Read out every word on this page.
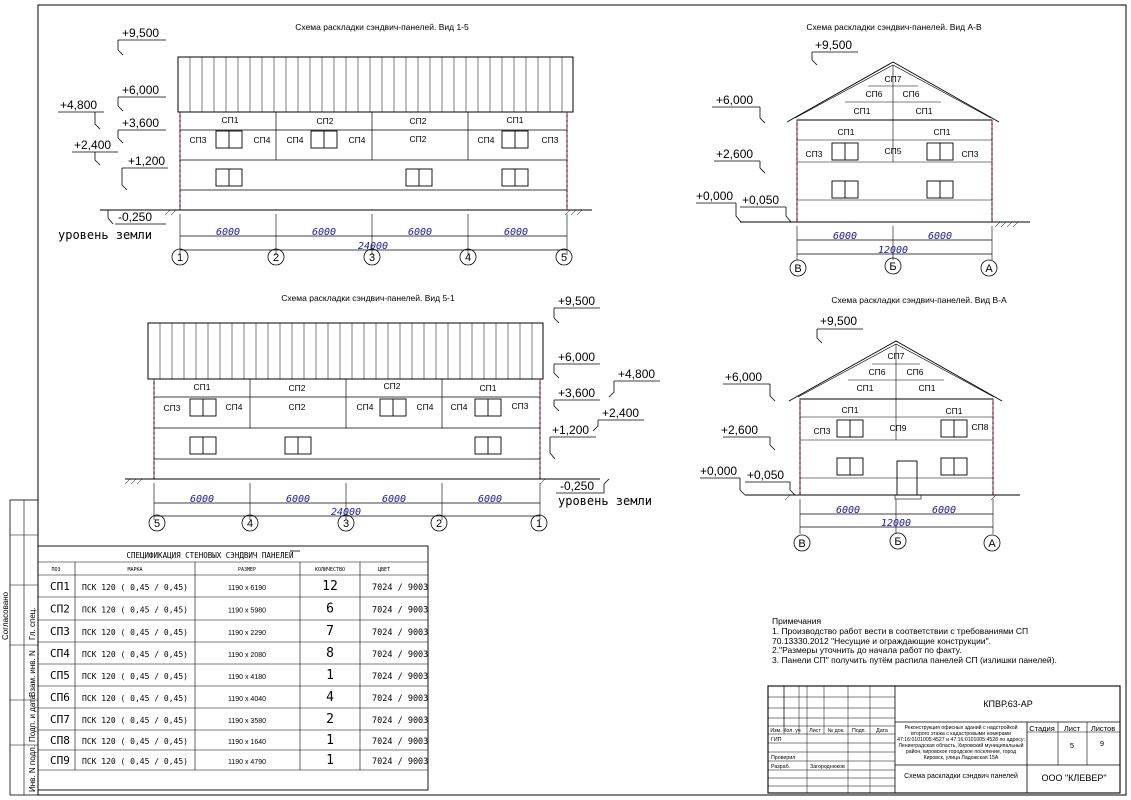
Схема раскладки сэндвич-панелей. Вид 1-5
СП1	СП2	СП2	СП1
СП3	СП4 СП4	СП2	СП4	СП3
СП4
+9,500
+6,000
+4,800
+3,600
+2,400
+1,200
-0,250
уровень земли	6000	6000	6000	6000
24000
1	2	3	4	5
Схема раскладки сэндвич-панелей. Вид А-В
СП7
СП6 СП6
СП1	СП1
СП1	СП1
СП3	СП5	СП3
+9,500
+6,000
+2,600
+0,000 +0,050
6000	6000
12000
В	Б	А
Схема раскладки сэндвич-панелей. Вид 5-1
СП1	СП2	СП2	СП1
СП3	СП4	СП2	СП4	СП4 СП4	СП3
+9,500
+6,000
+4,800
+3,600
+2,400
+1,200
-0,250
уровень земли
6000	6000	6000	6000
24000
5	4	3	2	1
Схема раскладки сэндвич-панелей. Вид В-А
СП7
СП6 СП6
СП1	СП1
СП1	СП1
СП3	СП9	СП8
+9,500
+6,000
+2,600
+0,000 +0,050
6000	6000
12000
В	Б	А
Согласовано Гл. спец.
Взам. инв. N
Подп. и дата
Инв. N подл.
СПЕЦИФИКАЦИЯ СТЕНОВЫХ СЭНДВИЧ ПАНЕЛЕЙ
ПОЗ	МАРКА	РАЗМЕР	КОЛИЧЕСТВО	ЦВЕТ
СП1 ПСК 120 ( 0,45 / 0,45)	1190 x 6190	12	7024 / 9003
СП2 ПСК 120 ( 0,45 / 0,45)	1190 x 5980	6	7024 / 9003
СП3 ПСК 120 ( 0,45 / 0,45)	1190 x 2290	7	7024 / 9003
СП4 ПСК 120 ( 0,45 / 0,45)	1190 x 2080	8	7024 / 9003
СП5 ПСК 120 ( 0,45 / 0,45)	1190 x 4180	1	7024 / 9003
СП6 ПСК 120 ( 0,45 / 0,45)	1190 x 4040	4	7024 / 9003
СП7 ПСК 120 ( 0,45 / 0,45)	1190 x 3580	2	7024 / 9003
СП8 ПСК 120 ( 0,45 / 0,45)	1190 x 1640	1	7024 / 9003
СП9 ПСК 120 ( 0,45 / 0,45)	1190 x 4790	1	7024 / 9003
Примечания
1. Производство работ вести в соответствии с требованиями СП
70.13330.2012 "Несущие и ограждающие конструкции".
2."Размеры уточнить до начала работ по факту.
3. Панели СП" получить путём распила панелей СП (излишки панелей).
КПВР.63-АР
Реконструкция офисных зданий с надстройкой
второго этажа с кадастровыми номерами
47:16:0101005:4527 и 47:16:0101005:4528 по адресу:
Ленинградская область, Кировский муниципальный
район, кировское городское поселение, город
Кировск, улица Ладожская 15А
Изм. Кол. уч Лист № док. Подп. Дата
ГИП
Проверил
Разраб.	Загороднюков
Стадия Лист Листов
5	9
Схема раскладки сэндвич панелей	ООО "КЛЕВЕР"
